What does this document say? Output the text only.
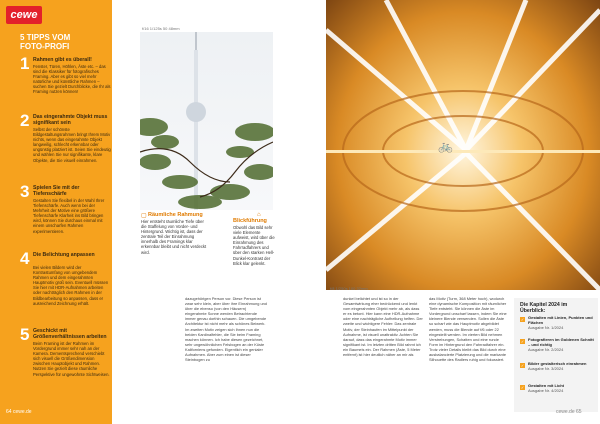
cewe
5 TIPPS VOM
FOTO-PROFI
1 Rahmen gibt es überall!
Fenster, Türen, Höhlen, Äste etc. – das sind die Klassiker für fotografisches Framing. Aber es gibt so viel mehr natürliche und künstliche Rahmen – suchen Sie gezielt Durchblicke, die Ihr als Framing nutzen können!
2 Das eingerahmte Objekt muss signifikant sein
Selbst der schönste Bildgestaltungsrahmen bringt Ihrem Motiv nichts, wenn das eingerahmte Objekt langweilig, schlecht erkennbar oder ungünstig platziert ist. Seien Sie eindeutig und wählen Sie nur signifikante, klare Objekte, die Sie visuell einrahmen.
3 Spielen Sie mit der Tiefenschärfe
Gestalten Sie flexibel in der Wahl Ihrer Tiefenschärfe. Auch wenn bei der Mehrheit der Motive eine größere Tiefenschärfe Klarheit ins Bild bringen wird, können Sie durchaus einmal mit einem unscharfen Rahmen experimentieren.
4 Die Belichtung anpassen
Bei vielen Bildern wird der Kontrastumfang von umgebendem Rahmen und dem eingerahmten Hauptmotiv groß sein. Eventuell müssen Sie hier mit HDR-Aufnahmen arbeiten oder nachträglich den Rahmen in der Bildbearbeitung so anpassen, dass er ausreichend Zeichnung erhält.
5 Geschickt mit Größenverhältnissen arbeiten
Beim Framing ist der Rahmen im Vordergrund immer sehr nah an der Kamera. Dementsprechend verschiebt sich visuell die Größendimension zwischen Hauptobjekt und Rahmen. Nutzen Sie gezielt diese räumliche Perspektive für ungewohnte Sichtweisen.
64 cewe.de
f/16 1/125s 50 48mm
▢ Räumliche Rahmung
Hier entsteht räumliche Tiefe über die Staffelung von Vorder- und Hintergrund. Wichtig ist, dass der zentrale Teil der Einrahmung innerhalb des Framings klar erkennbar bleibt und nicht verdeckt wird.
⌂
Blickführung
Obwohl das Bild sehr viele Elemente aufweist, wird über die Einrahmung des Fahrradfahrers und über den starken Hell-Dunkel-Kontrast der Blick klar gelenkt.
🚲
f/8 1/250s 100 32mm
dazugehörigen Person vor. Diese Person ist zwar sehr klein, aber über ihre Einrahmung und über die ebenso (von den Häusern) eingerahmte Sonne werden Betrachtende immer genau dorthin schauen. Die umgebende Architektur ist nicht mehr als schönes Beiwerk. Im zweiten Motiv zeigen sich Ihnen nun die beiden Kardinalfehler, die Sie beim Framing machen können. Ich habe diesen gezeichnet, sehr ungewöhnlichen Felsbogen an der Küste Kaliforniens gefunden. Eigentlich ein genialer Aufnahmen. Aber zum einen ist dieser Steinbogen zu
dunkel belichtet und ist so in der Gesamtwirkung eher bedrückend und lenkt vom eingerahmten Objekt mehr ab, als dass er es betont. Hier kann eine HDR-Aufnahme oder eine nachträgliche Aufhellung helfen. Der zweite und wichtigere Fehler: Das zentrale Motiv, der Steinhaufen im Mittelpunkt der Aufnahme, ist visuell unattraktiv. Achten Sie darauf, dass das eingerahmte Motiv immer signifikant ist. Im letzten dritten Bild rahmt ich ein Baumels ein. Der Rahmen (Äste, 5 Meter entfernt) ist hier deutlich näher an mir als
das Motiv (Turm, 368 Meter hoch), wodurch eine dynamische Komposition mit räumlicher Tiefe entsteht. Sie können die Äste im Vordergrund unscharf lassen, indem Sie eine kleinere Blende verwenden. Sollen die Äste so scharf wie das Hauptmotiv abgebildet werden, muss die Blende auf f/6 oder 22 eingestellt werden. Im vierten Bild nehmen Verstrebungen, Schatten und eine runde Form im Hintergrund den Fahrradfahrer ein. Trotz vieler Details bleibt das Bild durch eine ausbalancierte Platzierung und die markante Silhouette des Radlers ruhig und fokussiert.
Die Kapitel 2024 im Überblick:
✓ Gestalten mit Linien, Punkten und Flächen
Ausgabe Nr. 1/2024
✓ Fotografieren im Goldenen Schnitt – und richtig
Ausgabe Nr. 2/2024
✓ Bilder gestalterisch einrahmen
Ausgabe Nr. 3/2024
✓ Gestalten mit Licht
Ausgabe Nr. 4/2024
cewe.de 65
